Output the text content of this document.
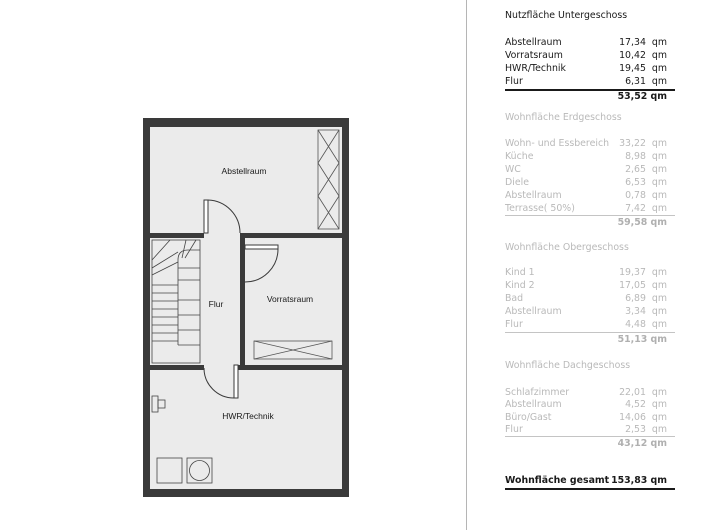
Abstellraum
Flur	Vorratsraum
HWR/Technik
Nutzfläche Untergeschoss
Abstellraum	17,34 qm
Vorratsraum	10,42 qm
HWR/Technik	19,45 qm
Flur	6,31 qm
53,52 qm
Wohnfläche Erdgeschoss
Wohn- und Essbereich 33,22 qm
Küche	8,98 qm
WC	2,65 qm
Diele	6,53 qm
Abstellraum	0,78 qm
Terrasse( 50%)	7,42 qm
59,58 qm
Wohnfläche Obergeschoss
Kind 1	19,37 qm
Kind 2	17,05 qm
Bad	6,89 qm
Abstellraum	3,34 qm
Flur	4,48 qm
51,13 qm
Wohnfläche Dachgeschoss
Schlafzimmer	22,01 qm
Abstellraum	4,52 qm
Büro/Gast	14,06 qm
Flur	2,53 qm
43,12 qm
Wohnfläche gesamt 153,83 qm
